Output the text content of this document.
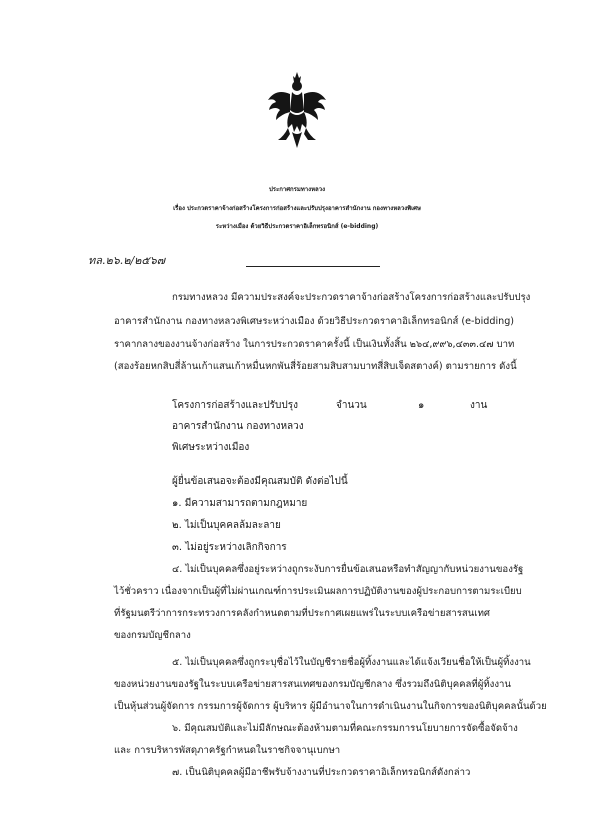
ประกาศกรมทางหลวง
เรื่อง ประกวดราคาจ้างก่อสร้างโครงการก่อสร้างและปรับปรุงอาคารสำนักงาน กองทางหลวงพิเศษ
ระหว่างเมือง ด้วยวิธีประกวดราคาอิเล็กทรอนิกส์ (e-bidding)
ทล.๒๖.๒/๒๕๖๗
กรมทางหลวง มีความประสงค์จะประกวดราคาจ้างก่อสร้างโครงการก่อสร้างและปรับปรุง
อาคารสำนักงาน กองทางหลวงพิเศษระหว่างเมือง ด้วยวิธีประกวดราคาอิเล็กทรอนิกส์ (e-bidding)
ราคากลางของงานจ้างก่อสร้าง ในการประกวดราคาครั้งนี้ เป็นเงินทั้งสิ้น ๒๖๔,๙๙๖,๔๓๓.๔๗ บาท
(สองร้อยหกสิบสี่ล้านเก้าแสนเก้าหมื่นหกพันสี่ร้อยสามสิบสามบาทสี่สิบเจ็ดสตางค์) ตามรายการ ดังนี้
โครงการก่อสร้างและปรับปรุง
อาคารสำนักงาน กองทางหลวง
พิเศษระหว่างเมือง
จำนวน	๑	งาน
ผู้ยื่นข้อเสนอจะต้องมีคุณสมบัติ ดังต่อไปนี้
๑. มีความสามารถตามกฎหมาย
๒. ไม่เป็นบุคคลล้มละลาย
๓. ไม่อยู่ระหว่างเลิกกิจการ
๔. ไม่เป็นบุคคลซึ่งอยู่ระหว่างถูกระงับการยื่นข้อเสนอหรือทำสัญญากับหน่วยงานของรัฐ
ไว้ชั่วคราว เนื่องจากเป็นผู้ที่ไม่ผ่านเกณฑ์การประเมินผลการปฏิบัติงานของผู้ประกอบการตามระเบียบ
ที่รัฐมนตรีว่าการกระทรวงการคลังกำหนดตามที่ประกาศเผยแพร่ในระบบเครือข่ายสารสนเทศ
ของกรมบัญชีกลาง
๕. ไม่เป็นบุคคลซึ่งถูกระบุชื่อไว้ในบัญชีรายชื่อผู้ทิ้งงานและได้แจ้งเวียนชื่อให้เป็นผู้ทิ้งงาน
ของหน่วยงานของรัฐในระบบเครือข่ายสารสนเทศของกรมบัญชีกลาง ซึ่งรวมถึงนิติบุคคลที่ผู้ทิ้งงาน
เป็นหุ้นส่วนผู้จัดการ กรรมการผู้จัดการ ผู้บริหาร ผู้มีอำนาจในการดำเนินงานในกิจการของนิติบุคคลนั้นด้วย
๖. มีคุณสมบัติและไม่มีลักษณะต้องห้ามตามที่คณะกรรมการนโยบายการจัดซื้อจัดจ้าง
และ การบริหารพัสดุภาครัฐกำหนดในราชกิจจานุเบกษา
๗. เป็นนิติบุคคลผู้มีอาชีพรับจ้างงานที่ประกวดราคาอิเล็กทรอนิกส์ดังกล่าว
